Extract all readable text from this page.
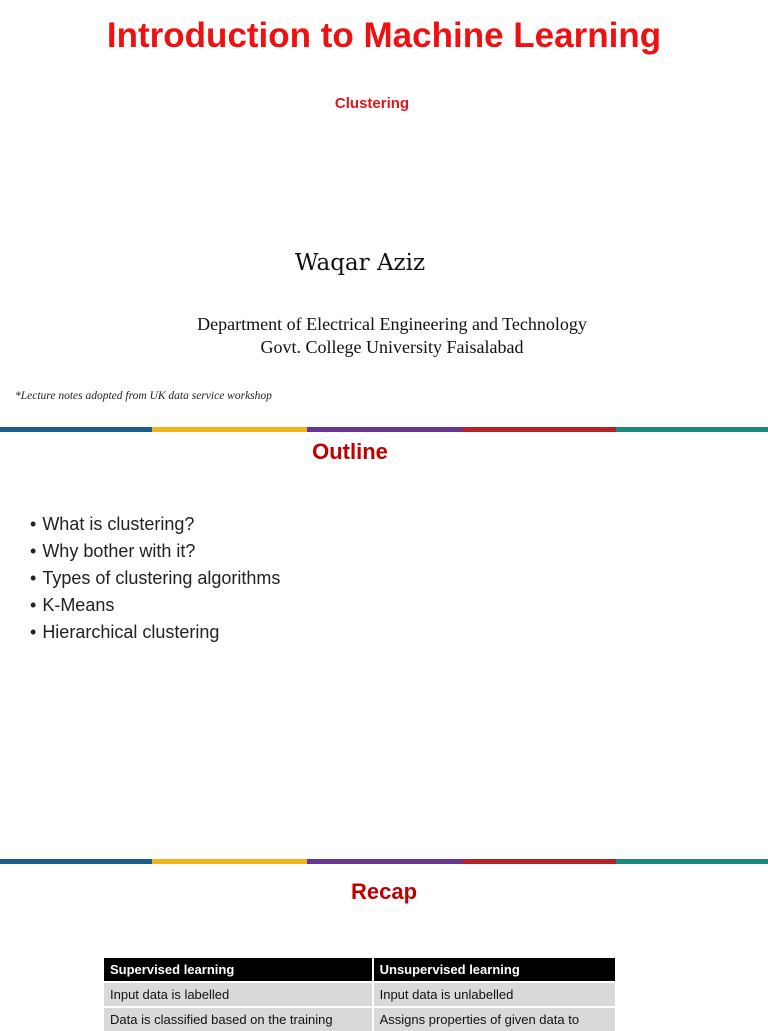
Introduction to Machine Learning

Clustering

Waqar Aziz

Department of Electrical Engineering and Technology
Govt. College University Faisalabad

*Lecture notes adopted from UK data service workshop

Outline
• What is clustering?
• Why bother with it?
• Types of clustering algorithms
• K-Means
• Hierarchical clustering
Recap
Supervised learning	Unsupervised learning
Input data is labelled	Input data is unlabelled
Data is classified based on the training	Assigns properties of given data to
